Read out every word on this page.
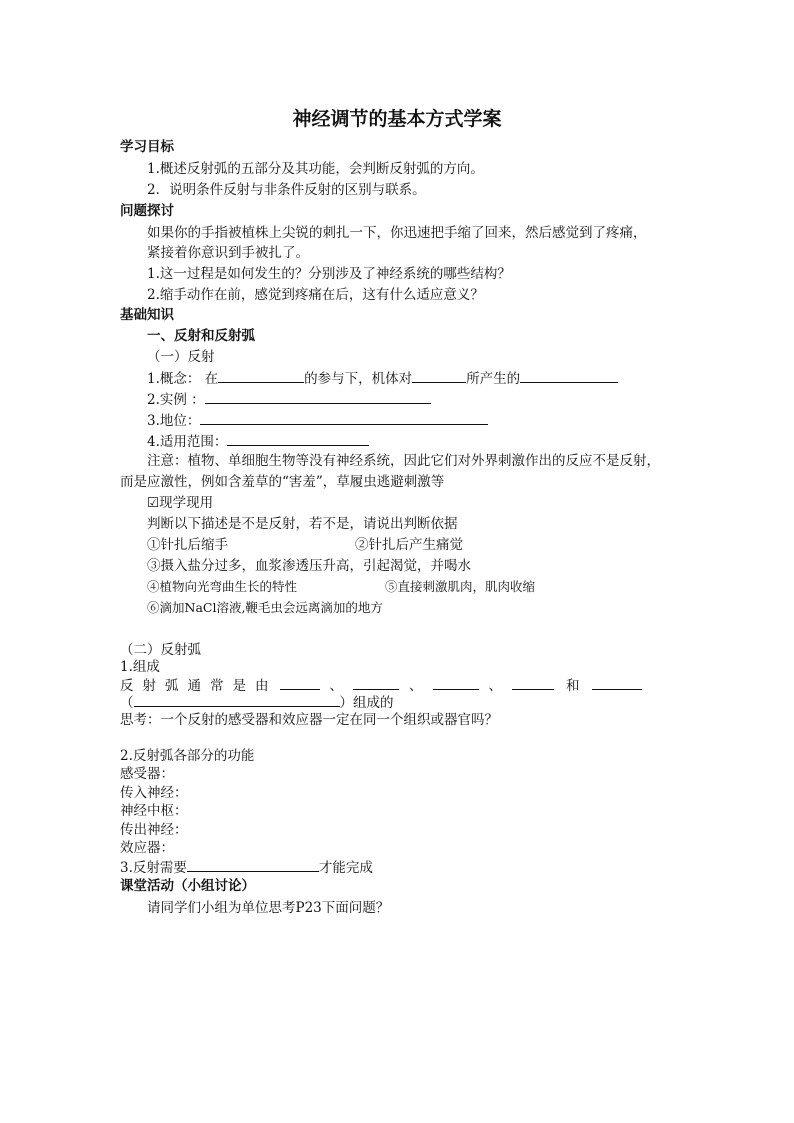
神经调节的基本方式学案
学习目标
1.概述反射弧的五部分及其功能，会判断反射弧的方向。
2．说明条件反射与非条件反射的区别与联系。
问题探讨
如果你的手指被植株上尖锐的刺扎一下，你迅速把手缩了回来，然后感觉到了疼痛，
紧接着你意识到手被扎了。
1.这一过程是如何发生的？分别涉及了神经系统的哪些结构？
2.缩手动作在前，感觉到疼痛在后，这有什么适应意义？
基础知识
一、反射和反射弧
（一）反射
1.概念： 在	的参与下，机体对	所产生的
2.实例 ：
3.地位：
4.适用范围：
注意：植物、单细胞生物等没有神经系统，因此它们对外界刺激作出的反应不是反射，
而是应激性，例如含羞草的“害羞”，草履虫逃避刺激等
☑现学现用
判断以下描述是不是反射，若不是，请说出判断依据
①针扎后缩手	②针扎后产生痛觉
③摄入盐分过多，血浆渗透压升高，引起渴觉，并喝水
④植物向光弯曲生长的特性	⑤直接刺激肌肉，肌肉收缩
⑥滴加NaCl溶液,鞭毛虫会远离滴加的地方
（二）反射弧
1.组成
反射弧通常是由	、	、	、	和
（	）组成的
思考：一个反射的感受器和效应器一定在同一个组织或器官吗？
2.反射弧各部分的功能
感受器：
传入神经：
神经中枢：
传出神经：
效应器：
3.反射需要	才能完成
课堂活动（小组讨论）
请同学们小组为单位思考P23下面问题？
